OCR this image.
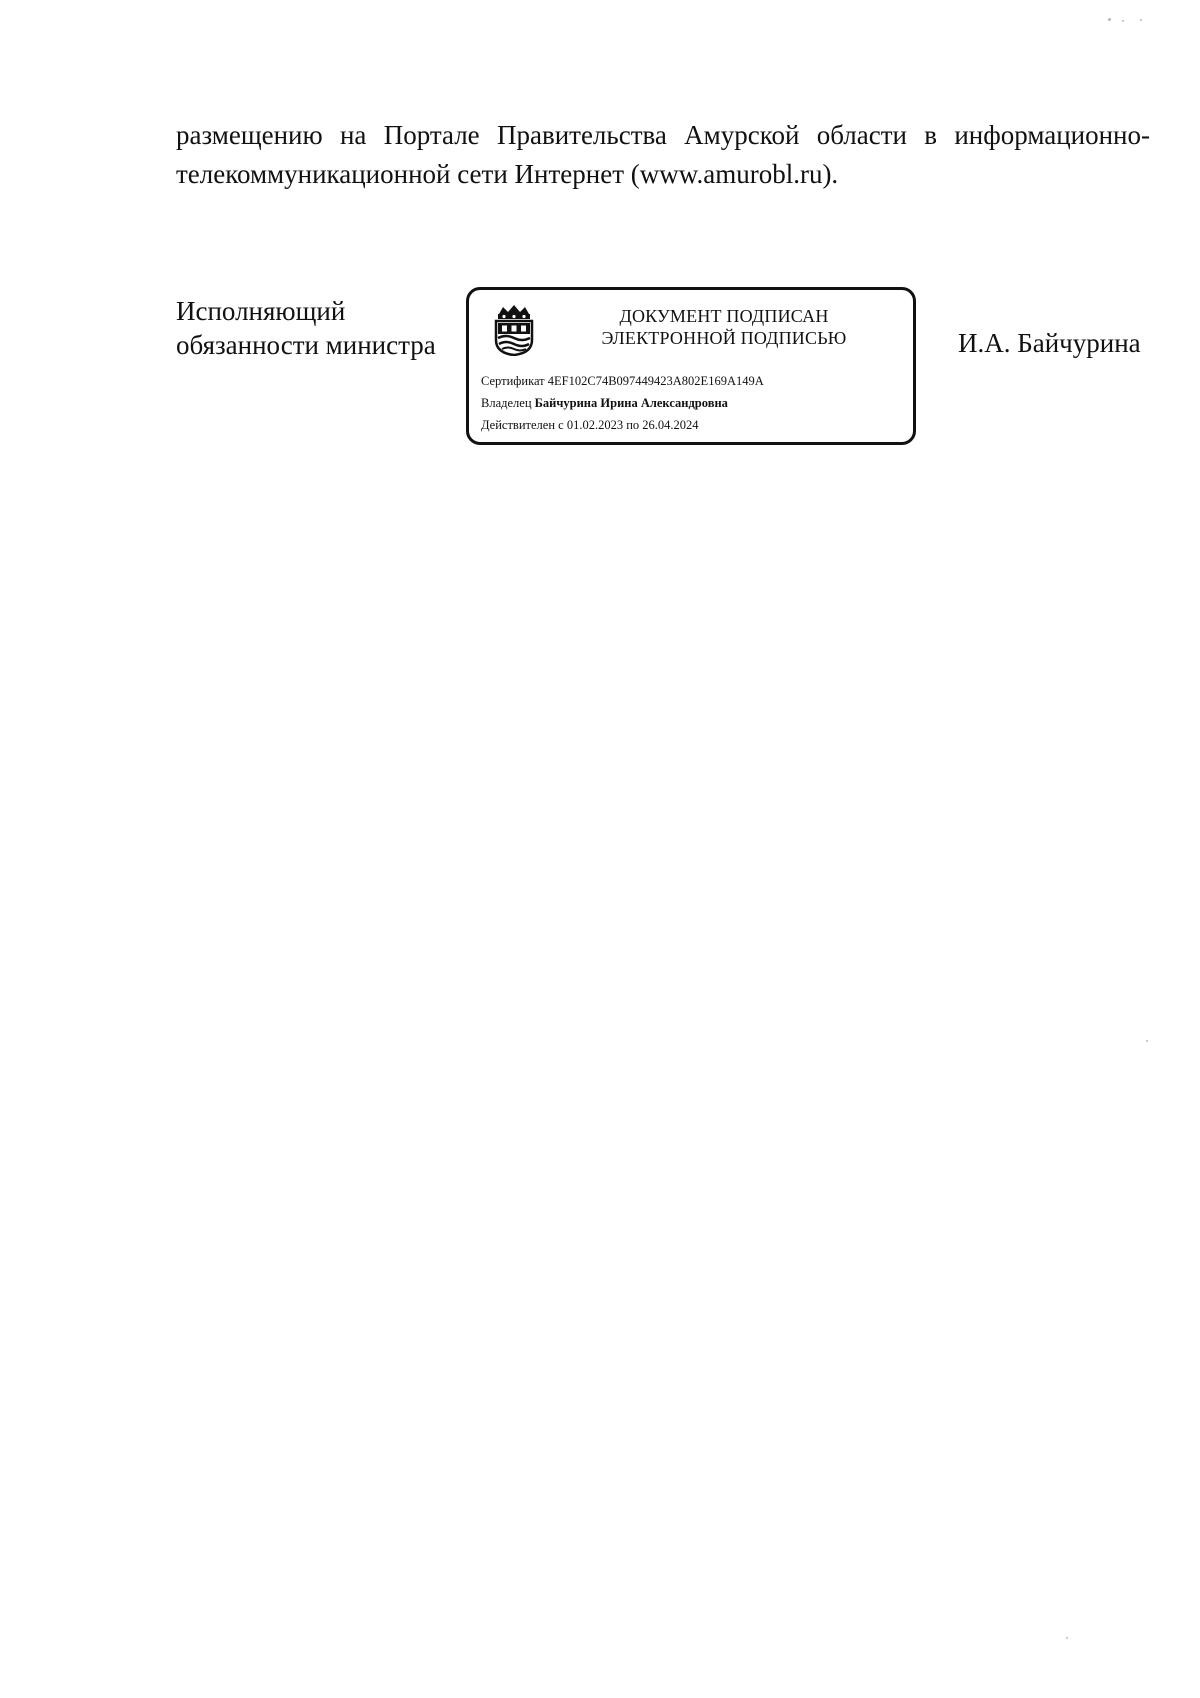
размещению на Портале Правительства Амурской области в информационно-
телекоммуникационной сети Интернет (www.amurobl.ru).
Исполняющий
обязанности министра
ДОКУМЕНТ ПОДПИСАН
ЭЛЕКТРОННОЙ ПОДПИСЬЮ
Сертификат 4EF102C74B097449423A802E169A149A
Владелец Байчурина Ирина Александровна
Действителен с 01.02.2023 по 26.04.2024
И.А. Байчурина
